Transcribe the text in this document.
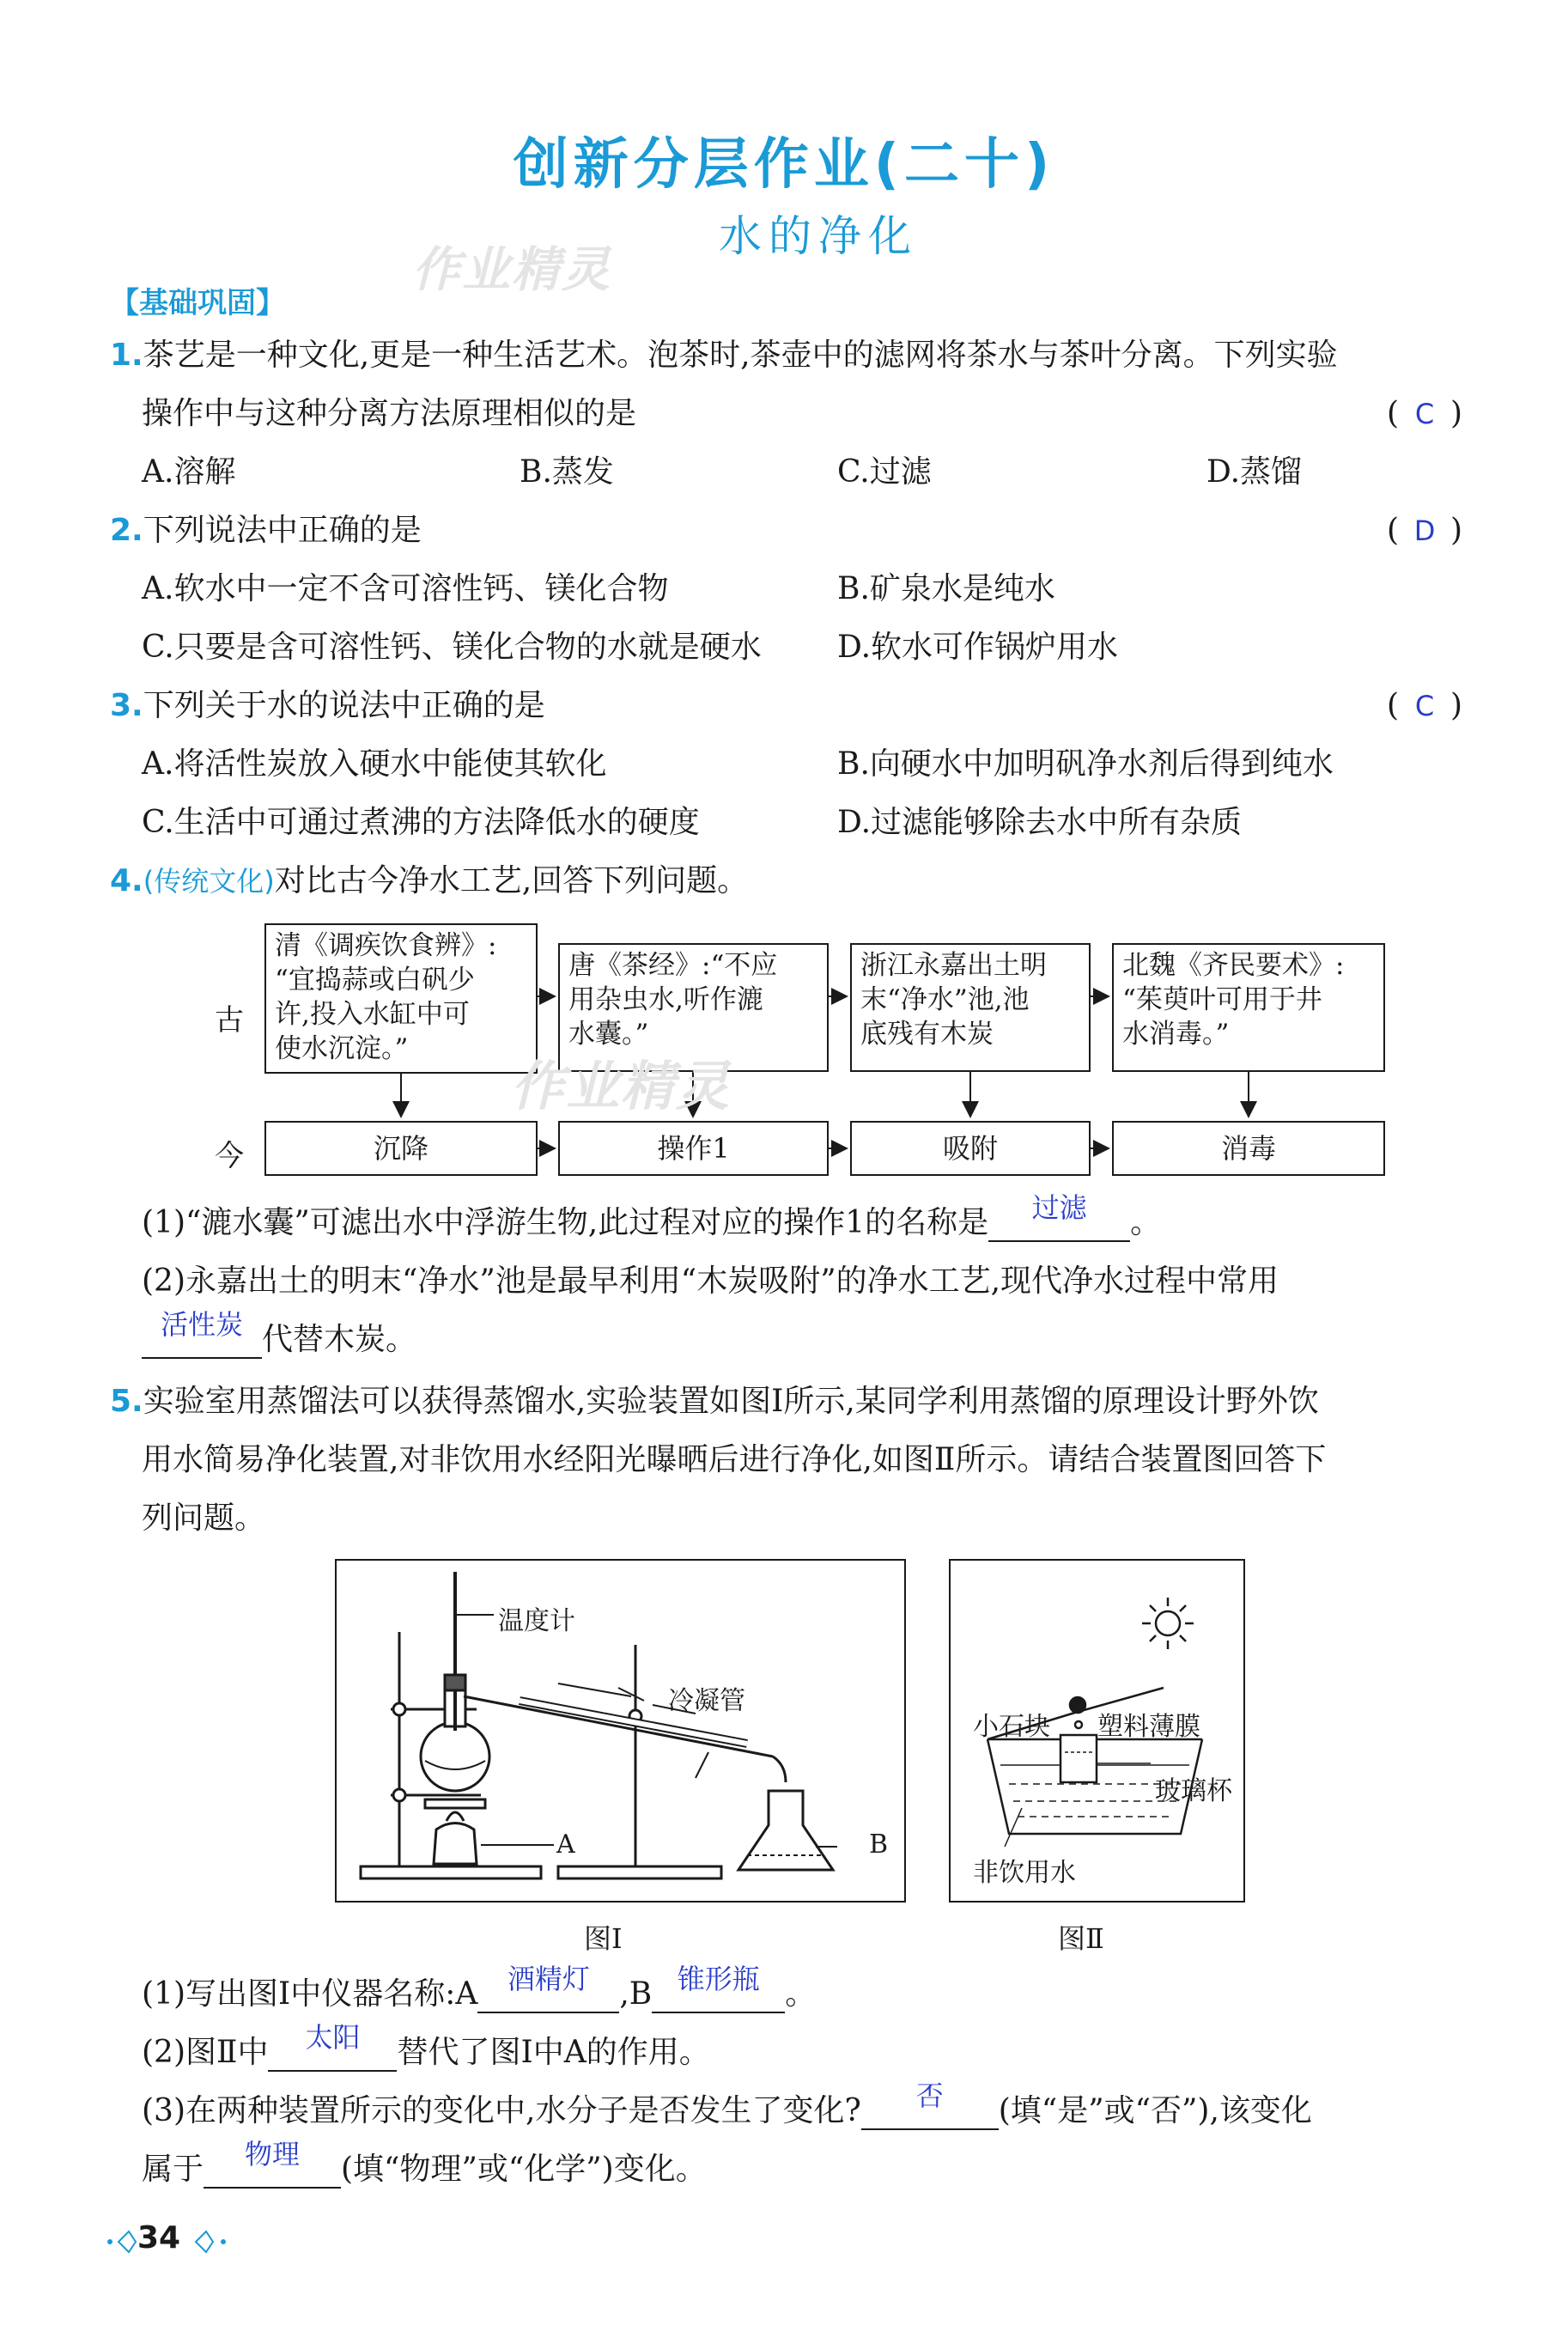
创新分层作业(二十)
水的净化
作业精灵
【基础巩固】
1.茶艺是一种文化,更是一种生活艺术。泡茶时,茶壶中的滤网将茶水与茶叶分离。下列实验
操作中与这种分离方法原理相似的是	( C )
A.溶解	B.蒸发	C.过滤	D.蒸馏
2.下列说法中正确的是	( D )
A.软水中一定不含可溶性钙、镁化合物	B.矿泉水是纯水
C.只要是含可溶性钙、镁化合物的水就是硬水 D.软水可作锅炉用水
3.下列关于水的说法中正确的是	( C )
A.将活性炭放入硬水中能使其软化	B.向硬水中加明矾净水剂后得到纯水
C.生活中可通过煮沸的方法降低水的硬度	D.过滤能够除去水中所有杂质
4.(传统文化)对比古今净水工艺,回答下列问题。
古
今
清《调疾饮食辨》:
“宜捣蒜或白矾少
许,投入水缸中可
使水沉淀。”
唐《茶经》:“不应
用杂虫水,听作漉
水囊。”
浙江永嘉出土明
末“净水”池,池
底残有木炭
北魏《齐民要术》:
“茱萸叶可用于井
水消毒。”
沉降	操作1	吸附	消毒
作业精灵
(1)“漉水囊”可滤出水中浮游生物,此过程对应的操作1的名称是	过滤	。
(2)永嘉出土的明末“净水”池是最早利用“木炭吸附”的净水工艺,现代净水过程中常用
活性炭 代替木炭。
5.实验室用蒸馏法可以获得蒸馏水,实验装置如图Ⅰ所示,某同学利用蒸馏的原理设计野外饮
用水简易净化装置,对非饮用水经阳光曝晒后进行净化,如图Ⅱ所示。请结合装置图回答下
列问题。
温度计
冷凝管
A	B
图Ⅰ
小石块 塑料薄膜
玻璃杯
非饮用水
图Ⅱ
(1)写出图Ⅰ中仪器名称:A	酒精灯 ,B 锥形瓶 。
(2)图Ⅱ中	太阳	替代了图Ⅰ中A的作用。
(3)在两种装置所示的变化中,水分子是否发生了变化?	否	(填“是”或“否”),该变化
属于	物理	(填“物理”或“化学”)变化。
34
